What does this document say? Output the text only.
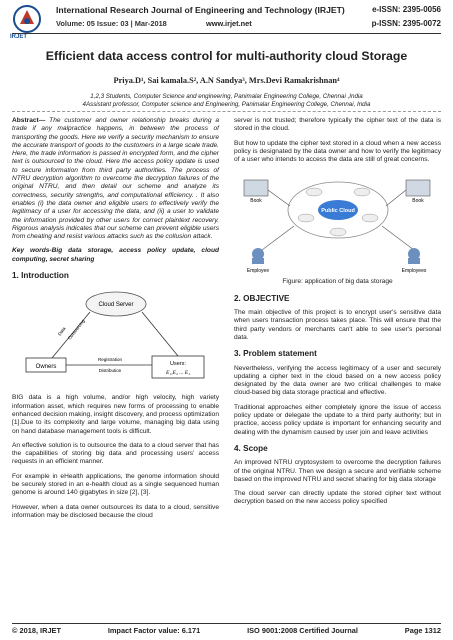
IRJET
International Research Journal of Engineering and Technology (IRJET)	e-ISSN: 2395-0056
Volume: 05 Issue: 03 | Mar-2018	www.irjet.net	p-ISSN: 2395-0072
Efficient data access control for multi-authority cloud Storage
Priya.D¹, Sai kamala.S², A.N Sandya³, Mrs.Devi Ramakrishnan⁴
1,2,3 Students, Computer Science and engineering, Panimalar Engineering College, Chennai ,India
4Assistant professor, Computer science and Engineering, Panimalar Engineering College, Chennai, India

Abstract— The customer and owner relationship breaks during a trade if any malpractice happens, in between the process of transporting the goods. Here we verify a security mechanism to ensure the accurate transport of goods to the customers in a large scale trade. Here, the trade information is passed in encrypted form, and the cipher text is outsourced to the cloud. Here the access policy update is used to secure information from third party authorities. The process of NTRU decryption algorithm to overcome the decryption failures of the original NTRU, and then detail our scheme and analyze its correctness, security strengths, and computational efficiency. . It also enables (i) the data owner and eligible users to effectively verify the legitimacy of a user for accessing the data, and (ii) a user to validate the information provided by other users for correct plaintext recovery. Rigorous analysis indicates that our scheme can prevent eligible users from cheating and resist various attacks such as the collusion attack.

Key words-Big data storage, access policy update, cloud computing, secret sharing

1. Introduction
Cloud Server
Data Outsourcing
Owners
Registration
Distribution
Users:
Ε₁,Ε₂ ... Ε₁

BIG data is a high volume, and/or high velocity, high variety information asset, which requires new forms of processing to enable enhanced decision making, insight discovery, and process optimization [1].Due to its complexity and large volume, managing big data using on hand database management tools is difficult.

An effective solution is to outsource the data to a cloud server that has the capabilities of storing big data and processing users' access requests in an efficient manner.

For example in eHealth applications, the genome information should be securely stored in an e-health cloud as a single sequenced human genome is around 140 gigabytes in size [2], [3].

However, when a data owner outsources its data to a cloud, sensitive information may be disclosed because the cloud

server is not trusted; therefore typically the cipher text of the data is stored in the cloud.

But how to update the cipher text stored in a cloud when a new access policy is designated by the data owner and how to verify the legitimacy of a user who intends to access the data are still of great concerns.

Book	Book
Public Cloud
Employee	Employees
Figure: application of big data storage
2. OBJECTIVE

The main objective of this project is to encrypt user's sensitive data when users transaction process takes place. This will ensure that the third party vendors or merchants can't able to see user's personal data.

3. Problem statement

Nevertheless, verifying the access legitimacy of a user and securely updating a cipher text in the cloud based on a new access policy designated by the data owner are two critical challenges to make cloud-based big data storage practical and effective.

Traditional approaches either completely ignore the issue of access policy update or delegate the update to a third party authority; but in practice, access policy update is important for enhancing security and dealing with the dynamism caused by user join and leave activities

4. Scope

An improved NTRU cryptosystem to overcome the decryption failures of the original NTRU. Then we design a secure and verifiable scheme based on the improved NTRU and secret sharing for big data storage

The cloud server can directly update the stored cipher text without decryption based on the new access policy specified

© 2018, IRJET	Impact Factor value: 6.171	ISO 9001:2008 Certified Journal	Page 1312
